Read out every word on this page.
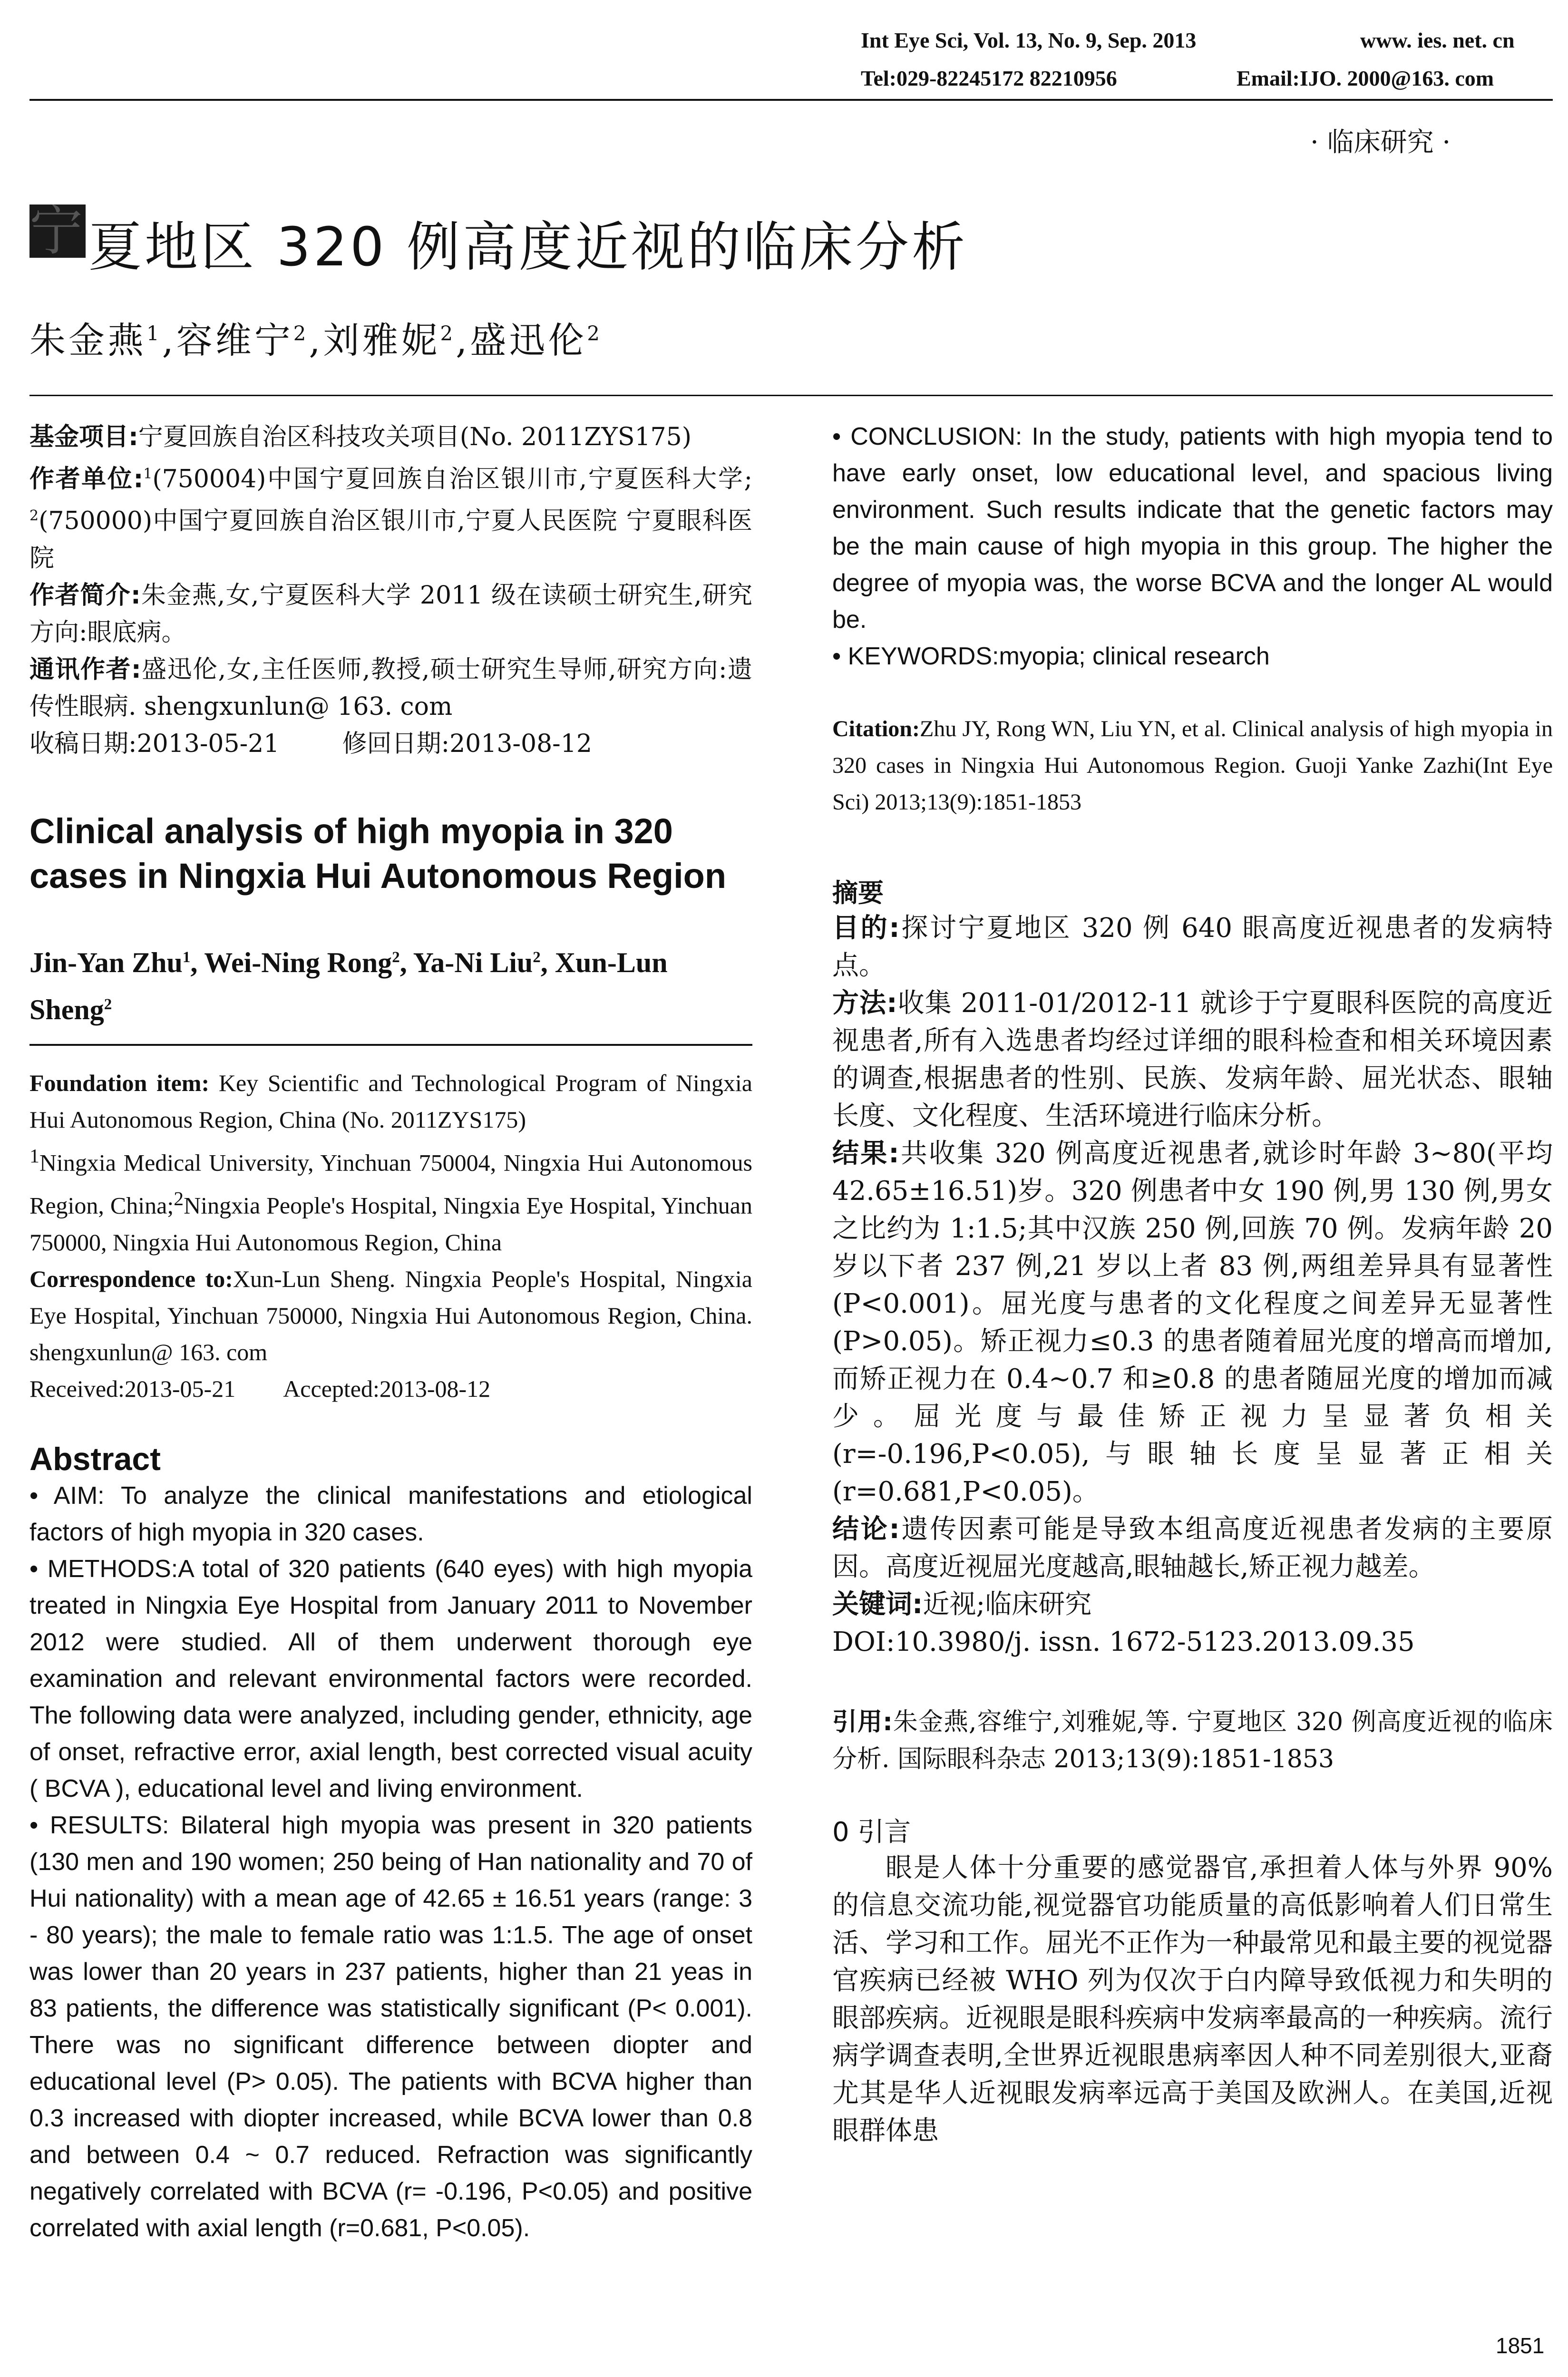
Int Eye Sci, Vol. 13, No. 9, Sep. 2013	www. ies. net. cn
Tel:029-82245172 82210956	Email:IJO. 2000@163. com
· 临床研究 ·
宁夏地区 320 例高度近视的临床分析
朱金燕$^1$,容维宁$^2$,刘雅妮$^2$,盛迅伦$^2$

基金项目:宁夏回族自治区科技攻关项目(No. 2011ZYS175)

作者单位:$^1$(750004)中国宁夏回族自治区银川市,宁夏医科大学; $^2$(750000)中国宁夏回族自治区银川市,宁夏人民医院 宁夏眼科医院

作者简介:朱金燕,女,宁夏医科大学 2011 级在读硕士研究生,研究方向:眼底病。

通讯作者:盛迅伦,女,主任医师,教授,硕士研究生导师,研究方向:遗传性眼病. shengxunlun@ 163. com

收稿日期:2013-05-21	修回日期:2013-08-12

Clinical analysis of high myopia in 320 cases in Ningxia Hui Autonomous Region

Jin-Yan Zhu$^1$, Wei-Ning Rong$^2$, Ya-Ni Liu$^2$, Xun-Lun Sheng$^2$

Foundation item: Key Scientific and Technological Program of Ningxia Hui Autonomous Region, China (No. 2011ZYS175)

$^1$Ningxia Medical University, Yinchuan 750004, Ningxia Hui Autonomous Region, China;$^2$Ningxia People's Hospital, Ningxia Eye Hospital, Yinchuan 750000, Ningxia Hui Autonomous Region, China

Correspondence to:Xun-Lun Sheng. Ningxia People's Hospital, Ningxia Eye Hospital, Yinchuan 750000, Ningxia Hui Autonomous Region, China. shengxunlun@ 163. com

Received:2013-05-21 Accepted:2013-08-12

Abstract

• AIM: To analyze the clinical manifestations and etiological factors of high myopia in 320 cases.

• METHODS:A total of 320 patients (640 eyes) with high myopia treated in Ningxia Eye Hospital from January 2011 to November 2012 were studied. All of them underwent thorough eye examination and relevant environmental factors were recorded. The following data were analyzed, including gender, ethnicity, age of onset, refractive error, axial length, best corrected visual acuity ( BCVA ), educational level and living environment.

• RESULTS: Bilateral high myopia was present in 320 patients (130 men and 190 women; 250 being of Han nationality and 70 of Hui nationality) with a mean age of 42.65 ± 16.51 years (range: 3 - 80 years); the male to female ratio was 1:1.5. The age of onset was lower than 20 years in 237 patients, higher than 21 yeas in 83 patients, the difference was statistically significant (P< 0.001). There was no significant difference between diopter and educational level (P> 0.05). The patients with BCVA higher than 0.3 increased with diopter increased, while BCVA lower than 0.8 and between 0.4 ~ 0.7 reduced. Refraction was significantly negatively correlated with BCVA (r= -0.196, P<0.05) and positive correlated with axial length (r=0.681, P<0.05).

• CONCLUSION: In the study, patients with high myopia tend to have early onset, low educational level, and spacious living environment. Such results indicate that the genetic factors may be the main cause of high myopia in this group. The higher the degree of myopia was, the worse BCVA and the longer AL would be.

• KEYWORDS:myopia; clinical research

Citation:Zhu JY, Rong WN, Liu YN, et al. Clinical analysis of high myopia in 320 cases in Ningxia Hui Autonomous Region. Guoji Yanke Zazhi(Int Eye Sci) 2013;13(9):1851-1853

摘要

目的:探讨宁夏地区 320 例 640 眼高度近视患者的发病特点。

方法:收集 2011-01/2012-11 就诊于宁夏眼科医院的高度近视患者,所有入选患者均经过详细的眼科检查和相关环境因素的调查,根据患者的性别、民族、发病年龄、屈光状态、眼轴长度、文化程度、生活环境进行临床分析。

结果:共收集 320 例高度近视患者,就诊时年龄 3~80(平均 42.65±16.51)岁。320 例患者中女 190 例,男 130 例,男女之比约为 1:1.5;其中汉族 250 例,回族 70 例。发病年龄 20 岁以下者 237 例,21 岁以上者 83 例,两组差异具有显著性(P<0.001)。屈光度与患者的文化程度之间差异无显著性(P>0.05)。矫正视力≤0.3 的患者随着屈光度的增高而增加,而矫正视力在 0.4~0.7 和≥0.8 的患者随屈光度的增加而减少。屈光度与最佳矫正视力呈显著负相关(r=-0.196,P<0.05),与眼轴长度呈显著正相关(r=0.681,P<0.05)。

结论:遗传因素可能是导致本组高度近视患者发病的主要原因。高度近视屈光度越高,眼轴越长,矫正视力越差。

关键词:近视;临床研究

DOI:10.3980/j. issn. 1672-5123.2013.09.35

引用:朱金燕,容维宁,刘雅妮,等. 宁夏地区 320 例高度近视的临床分析. 国际眼科杂志 2013;13(9):1851-1853

0 引言

眼是人体十分重要的感觉器官,承担着人体与外界 90% 的信息交流功能,视觉器官功能质量的高低影响着人们日常生活、学习和工作。屈光不正作为一种最常见和最主要的视觉器官疾病已经被 WHO 列为仅次于白内障导致低视力和失明的眼部疾病。近视眼是眼科疾病中发病率最高的一种疾病。流行病学调查表明,全世界近视眼患病率因人种不同差别很大,亚裔尤其是华人近视眼发病率远高于美国及欧洲人。在美国,近视眼群体患

1851
